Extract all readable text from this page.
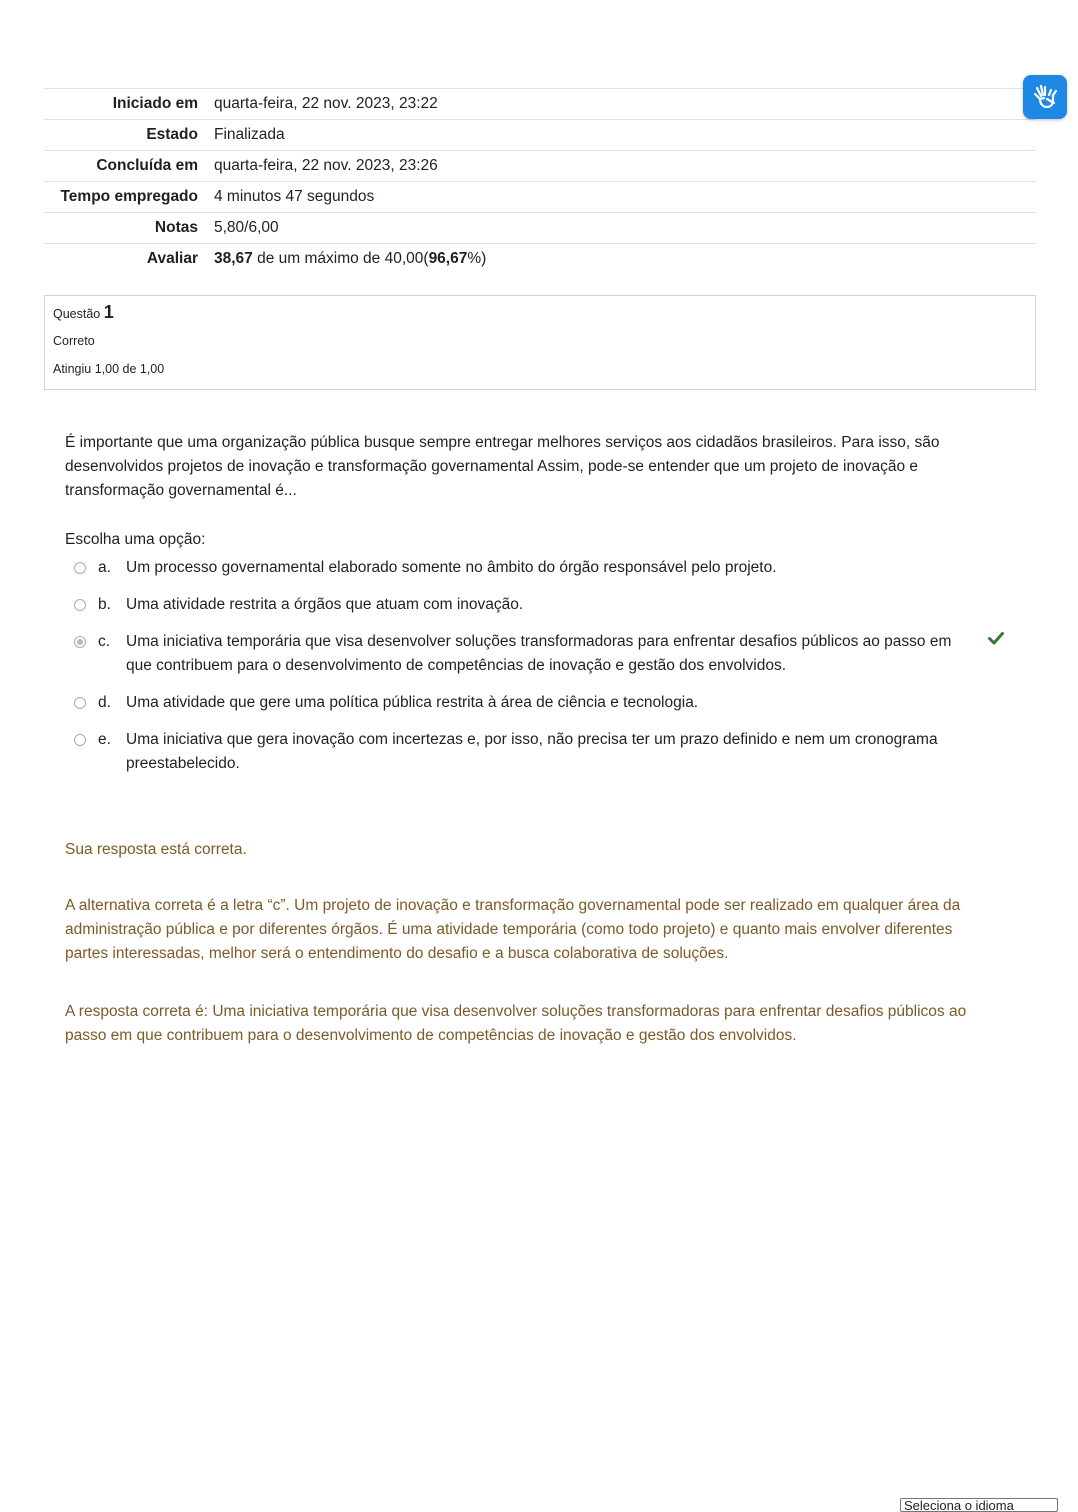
Iniciado em	quarta-feira, 22 nov. 2023, 23:22
Estado	Finalizada
Concluída em	quarta-feira, 22 nov. 2023, 23:26
Tempo empregado	4 minutos 47 segundos
Notas	5,80/6,00
Avaliar	38,67 de um máximo de 40,00(96,67%)
Questão 1
Correto
Atingiu 1,00 de 1,00
É importante que uma organização pública busque sempre entregar melhores serviços aos cidadãos brasileiros. Para isso, são desenvolvidos projetos de inovação e transformação governamental Assim, pode-se entender que um projeto de inovação e transformação governamental é...
Escolha uma opção:
a. Um processo governamental elaborado somente no âmbito do órgão responsável pelo projeto.
b. Uma atividade restrita a órgãos que atuam com inovação.
c. Uma iniciativa temporária que visa desenvolver soluções transformadoras para enfrentar desafios públicos ao passo em que contribuem para o desenvolvimento de competências de inovação e gestão dos envolvidos.
d. Uma atividade que gere uma política pública restrita à área de ciência e tecnologia.
e. Uma iniciativa que gera inovação com incertezas e, por isso, não precisa ter um prazo definido e nem um cronograma preestabelecido.
Sua resposta está correta.
A alternativa correta é a letra “c”. Um projeto de inovação e transformação governamental pode ser realizado em qualquer área da administração pública e por diferentes órgãos. É uma atividade temporária (como todo projeto) e quanto mais envolver diferentes partes interessadas, melhor será o entendimento do desafio e a busca colaborativa de soluções.
A resposta correta é: Uma iniciativa temporária que visa desenvolver soluções transformadoras para enfrentar desafios públicos ao passo em que contribuem para o desenvolvimento de competências de inovação e gestão dos envolvidos.
Seleciona o idioma
